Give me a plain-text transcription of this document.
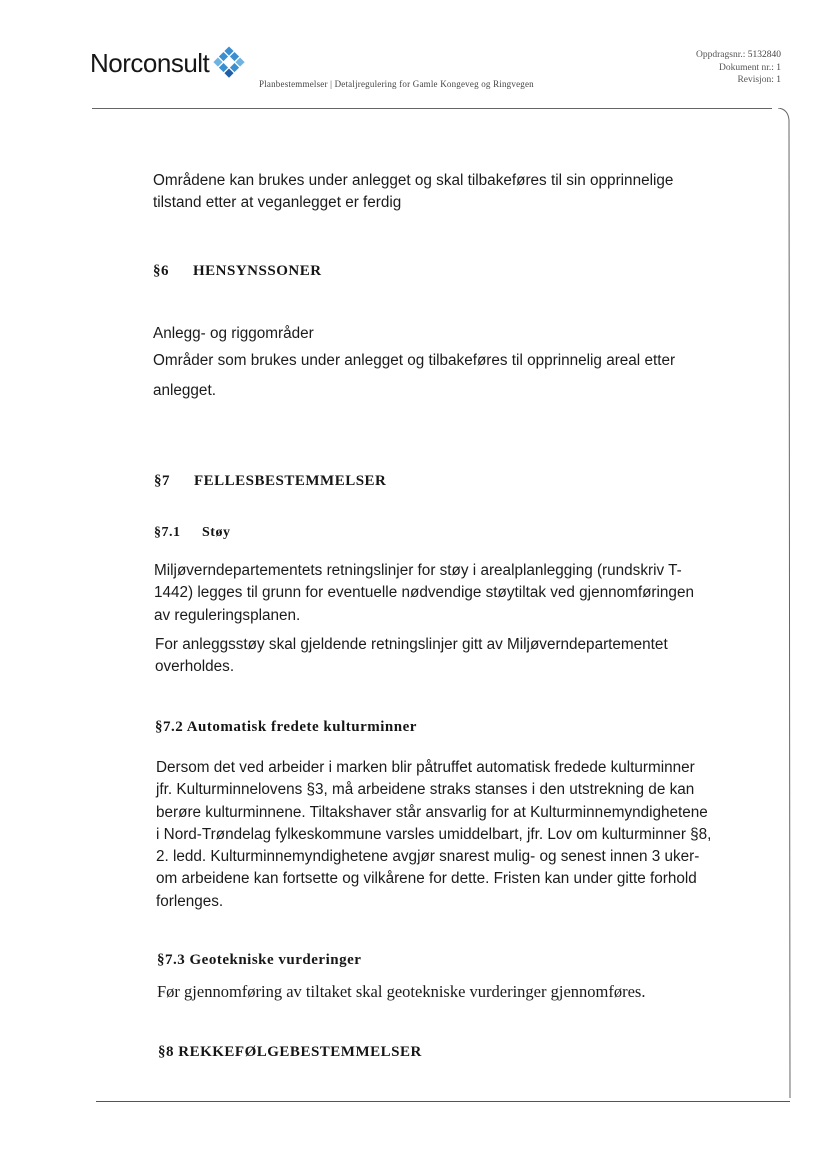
Norconsult
Planbestemmelser | Detaljregulering for Gamle Kongeveg og Ringvegen
Oppdragsnr.: 5132840
Dokument nr.: 1
Revisjon: 1
Områdene kan brukes under anlegget og skal tilbakeføres til sin opprinnelige
tilstand etter at veganlegget er ferdig
§6 HENSYNSSONER
Anlegg- og riggområder
Områder som brukes under anlegget og tilbakeføres til opprinnelig areal etter
anlegget.
§7 FELLESBESTEMMELSER
§7.1 Støy
Miljøverndepartementets retningslinjer for støy i arealplanlegging (rundskriv T-
1442) legges til grunn for eventuelle nødvendige støytiltak ved gjennomføringen
av reguleringsplanen.
For anleggsstøy skal gjeldende retningslinjer gitt av Miljøverndepartementet
overholdes.
§7.2 Automatisk fredete kulturminner
Dersom det ved arbeider i marken blir påtruffet automatisk fredede kulturminner
jfr. Kulturminnelovens §3, må arbeidene straks stanses i den utstrekning de kan
berøre kulturminnene. Tiltakshaver står ansvarlig for at Kulturminnemyndighetene
i Nord-Trøndelag fylkeskommune varsles umiddelbart, jfr. Lov om kulturminner §8,
2. ledd. Kulturminnemyndighetene avgjør snarest mulig- og senest innen 3 uker-
om arbeidene kan fortsette og vilkårene for dette. Fristen kan under gitte forhold
forlenges.
§7.3 Geotekniske vurderinger
Før gjennomføring av tiltaket skal geotekniske vurderinger gjennomføres.
§8 REKKEFØLGEBESTEMMELSER
